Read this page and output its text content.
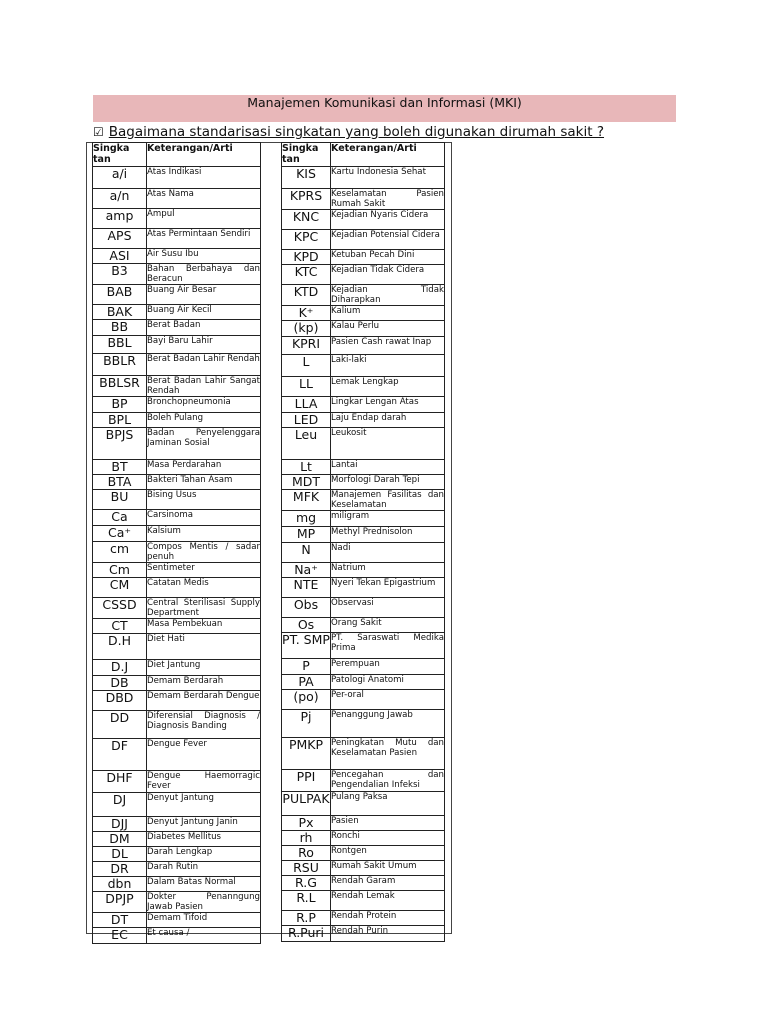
Manajemen Komunikasi dan Informasi (MKI)
☑ Bagaimana standarisasi singkatan yang boleh digunakan dirumah sakit ?
Singka tan	Keterangan/Arti
a/i	Atas Indikasi
a/n	Atas Nama
amp	Ampul
APS	Atas Permintaan Sendiri
ASI	Air Susu Ibu
B3	Bahan Berbahaya dan Beracun
BAB	Buang Air Besar
BAK	Buang Air Kecil
BB	Berat Badan
BBL	Bayi Baru Lahir
BBLR	Berat Badan Lahir Rendah
BBLSR	Berat Badan Lahir Sangat Rendah
BP	Bronchopneumonia
BPL	Boleh Pulang
BPJS	Badan Penyelenggara Jaminan Sosial
BT	Masa Perdarahan
BTA	Bakteri Tahan Asam
BU	Bising Usus
Ca	Carsinoma
Ca⁺	Kalsium
cm	Compos Mentis / sadar penuh
Cm	Sentimeter
CM	Catatan Medis
CSSD	Central Sterilisasi Supply Department
CT	Masa Pembekuan
D.H	Diet Hati
D.J	Diet Jantung
DB	Demam Berdarah
DBD	Demam Berdarah Dengue
DD	Diferensial Diagnosis / Diagnosis Banding
DF	Dengue Fever
DHF	Dengue Haemorragic Fever
DJ	Denyut Jantung
DJJ	Denyut Jantung Janin
DM	Diabetes Mellitus
DL	Darah Lengkap
DR	Darah Rutin
dbn	Dalam Batas Normal
DPJP	Dokter Penanngung Jawab Pasien
DT	Demam Tifoid
EC	Et causa /
Singka tan	Keterangan/Arti
KIS	Kartu Indonesia Sehat
KPRS	Keselamatan Pasien Rumah Sakit
KNC	Kejadian Nyaris Cidera
KPC	Kejadian Potensial Cidera
KPD	Ketuban Pecah Dini
KTC	Kejadian Tidak Cidera
KTD	Kejadian Tidak Diharapkan
K⁺	Kalium
(kp)	Kalau Perlu
KPRI	Pasien Cash rawat Inap
L	Laki-laki
LL	Lemak Lengkap
LLA	Lingkar Lengan Atas
LED	Laju Endap darah
Leu	Leukosit
Lt	Lantai
MDT	Morfologi Darah Tepi
MFK	Manajemen Fasilitas dan Keselamatan
mg	miligram
MP	Methyl Prednisolon
N	Nadi
Na⁺	Natrium
NTE	Nyeri Tekan Epigastrium
Obs	Observasi
Os	Orang Sakit
PT. SMP	PT. Saraswati Medika Prima
P	Perempuan
PA	Patologi Anatomi
(po)	Per-oral
Pj	Penanggung Jawab
PMKP	Peningkatan Mutu dan Keselamatan Pasien
PPI	Pencegahan dan Pengendalian Infeksi
PULPAK	Pulang Paksa
Px	Pasien
rh	Ronchi
Ro	Rontgen
RSU	Rumah Sakit Umum
R.G	Rendah Garam
R.L	Rendah Lemak
R.P	Rendah Protein
R.Puri	Rendah Purin
